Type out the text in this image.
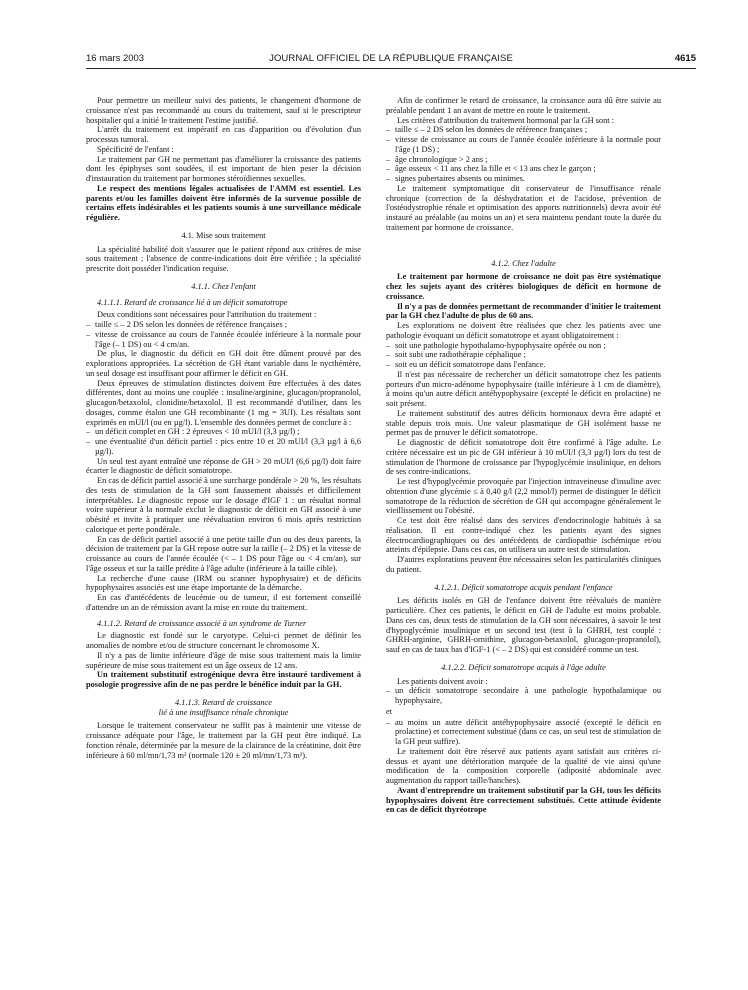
16 mars 2003	JOURNAL OFFICIEL DE LA RÉPUBLIQUE FRANÇAISE	4615

Pour permettre un meilleur suivi des patients, le changement d'hormone de croissance n'est pas recommandé au cours du traitement, sauf si le prescripteur hospitalier qui a initié le traitement l'estime justifié.

L'arrêt du traitement est impératif en cas d'apparition ou d'évolution d'un processus tumoral.

Spécificité de l'enfant :

Le traitement par GH ne permettant pas d'améliorer la croissance des patients dont les épiphyses sont soudées, il est important de bien peser la décision d'instauration du traitement par hormones stéroïdiennes sexuelles.

Le respect des mentions légales actualisées de l'AMM est essentiel. Les parents et/ou les familles doivent être informés de la survenue possible de certains effets indésirables et les patients soumis à une surveillance médicale régulière.

4.1. Mise sous traitement

La spécialité habilité doit s'assurer que le patient répond aux critères de mise sous traitement ; l'absence de contre-indications doit être vérifiée ; la spécialité prescrite doit posséder l'indication requise.

4.1.1. Chez l'enfant
4.1.1.1. Retard de croissance lié à un déficit somatotrope

Deux conditions sont nécessaires pour l'attribution du traitement :

– taille ≤ – 2 DS selon les données de référence françaises ;
– vitesse de croissance au cours de l'année écoulée inférieure à la normale pour l'âge (– 1 DS) ou < 4 cm/an.

De plus, le diagnostic du déficit en GH doit être dûment prouvé par des explorations appropriées. La sécrétion de GH étant variable dans le nycthémère, un seul dosage est insuffisant pour affirmer le déficit en GH.

Deux épreuves de stimulation distinctes doivent être effectuées à des dates différentes, dont au moins une couplée : insuline/arginine, glucagon/propranolol, glucagon/betaxolol, clonidine/betaxolol. Il est recommandé d'utiliser, dans les dosages, comme étalon une GH recombinante (1 mg = 3UI). Les résultats sont exprimés en mUI/l (ou en µg/l). L'ensemble des données permet de conclure à :

– un déficit complet en GH : 2 épreuves < 10 mUI/l (3,3 µg/l) ;
– une éventualité d'un déficit partiel : pics entre 10 et 20 mUI/l (3,3 µg/l à 6,6 µg/l).

Un seul test ayant entraîné une réponse de GH > 20 mUI/l (6,6 µg/l) doit faire écarter le diagnostic de déficit somatotrope.

En cas de déficit partiel associé à une surcharge pondérale > 20 %, les résultats des tests de stimulation de la GH sont faussement abaissés et difficilement interprétables. Le diagnostic repose sur le dosage d'IGF 1 : un résultat normal voire supérieur à la normale exclut le diagnostic de déficit en GH associé à une obésité et invite à pratiquer une réévaluation environ 6 mois après restriction calorique et perte pondérale.

En cas de déficit partiel associé à une petite taille d'un ou des deux parents, la décision de traitement par la GH repose outre sur la taille (– 2 DS) et la vitesse de croissance au cours de l'année écoulée (< – 1 DS pour l'âge ou < 4 cm/an), sur l'âge osseux et sur la taille prédite à l'âge adulte (inférieure à la taille cible).

La recherche d'une cause (IRM ou scanner hypophysaire) et de déficits hypophysaires associés est une étape importante de la démarche.

En cas d'antécédents de leucémie ou de tumeur, il est fortement conseillé d'attendre un an de rémission avant la mise en route du traitement.

4.1.1.2. Retard de croissance associé à un syndrome de Turner

Le diagnostic est fondé sur le caryotype. Celui-ci permet de définir les anomalies de nombre et/ou de structure concernant le chromosome X.

Il n'y a pas de limite inférieure d'âge de mise sous traitement mais la limite supérieure de mise sous traitement est un âge osseux de 12 ans.

Un traitement substitutif estrogénique devra être instauré tardivement à posologie progressive afin de ne pas perdre le bénéfice induit par la GH.

4.1.1.3. Retard de croissance
lié à une insuffisance rénale chronique

Lorsque le traitement conservateur ne suffit pas à maintenir une vitesse de croissance adéquate pour l'âge, le traitement par la GH peut être indiqué. La fonction rénale, déterminée par la mesure de la clairance de la créatinine, doit être inférieure à 60 ml/mn/1,73 m² (normale 120 ± 20 ml/mn/1,73 m²).

Afin de confirmer le retard de croissance, la croissance aura dû être suivie au préalable pendant 1 an avant de mettre en route le traitement.

Les critères d'attribution du traitement hormonal par la GH sont :

– taille ≤ – 2 DS selon les données de référence françaises ;
– vitesse de croissance au cours de l'année écoulée inférieure à la normale pour l'âge (1 DS) ;
– âge chronologique > 2 ans ;
– âge osseux < 11 ans chez la fille et < 13 ans chez le garçon ;
– signes pubertaires absents ou minimes.

Le traitement symptomatique dit conservateur de l'insuffisance rénale chronique (correction de la déshydratation et de l'acidose, prévention de l'ostéodystrophie rénale et optimisation des apports nutritionnels) devra avoir été instauré au préalable (au moins un an) et sera maintenu pendant toute la durée du traitement par hormone de croissance.

4.1.2. Chez l'adulte

Le traitement par hormone de croissance ne doit pas être systématique chez les sujets ayant des critères biologiques de déficit en hormone de croissance.

Il n'y a pas de données permettant de recommander d'initier le traitement par la GH chez l'adulte de plus de 60 ans.

Les explorations ne doivent être réalisées que chez les patients avec une pathologie évoquant un déficit somatotrope et ayant obligatoirement :

– soit une pathologie hypothalamo-hypophysaire opérée ou non ;
– soit subi une radiothérapie céphalique ;
– soit eu un déficit somatotrope dans l'enfance.

Il n'est pas nécessaire de rechercher un déficit somatotrope chez les patients porteurs d'un micro-adénome hypophysaire (taille inférieure à 1 cm de diamètre), à moins qu'un autre déficit antéhypophysaire (excepté le déficit en prolactine) ne soit présent.

Le traitement substitutif des autres déficits hormonaux devra être adapté et stable depuis trois mois. Une valeur plasmatique de GH isolément basse ne permet pas de prouver le déficit somatotrope.

Le diagnostic de déficit somatotrope doit être confirmé à l'âge adulte. Le critère nécessaire est un pic de GH inférieur à 10 mUI/l (3,3 µg/l) lors du test de stimulation de l'hormone de croissance par l'hypoglycémie insulinique, en dehors de ses contre-indications.

Le test d'hypoglycémie provoquée par l'injection intraveineuse d'insuline avec obtention d'une glycémie ≤ à 0,40 g/l (2,2 mmol/l) permet de distinguer le déficit somatotrope de la réduction de sécrétion de GH qui accompagne généralement le vieillissement ou l'obésité.

Ce test doit être réalisé dans des services d'endocrinologie habitués à sa réalisation. Il est contre-indiqué chez les patients ayant des signes électrocardiographiques ou des antécédents de cardiopathie ischémique et/ou atteints d'épilepsie. Dans ces cas, on utilisera un autre test de stimulation.

D'autres explorations peuvent être nécessaires selon les particularités cliniques du patient.

4.1.2.1. Déficit somatotrope acquis pendant l'enfance

Les déficits isolés en GH de l'enfance doivent être réévalués de manière particulière. Chez ces patients, le déficit en GH de l'adulte est moins probable. Dans ces cas, deux tests de stimulation de la GH sont nécessaires, à savoir le test d'hypoglycémie insulinique et un second test (test à la GHRH, test couplé : GHRH-arginine, GHRH-ornithine, glucagon-betaxolol, glucagon-propranolol), sauf en cas de taux bas d'IGF-1 (< – 2 DS) qui est considéré comme un test.

4.1.2.2. Déficit somatotrope acquis à l'âge adulte

Les patients doivent avoir :

– un déficit somatotrope secondaire à une pathologie hypothalamique ou hypophysaire,
et
– au moins un autre déficit antéhypophysaire associé (excepté le déficit en prolactine) et correctement substitué (dans ce cas, un seul test de stimulation de la GH peut suffire).

Le traitement doit être réservé aux patients ayant satisfait aux critères ci-dessus et ayant une détérioration marquée de la qualité de vie ainsi qu'une modification de la composition corporelle (adiposité abdominale avec augmentation du rapport taille/hanches).

Avant d'entreprendre un traitement substitutif par la GH, tous les déficits hypophysaires doivent être correctement substitués. Cette attitude évidente en cas de déficit thyréotrope
